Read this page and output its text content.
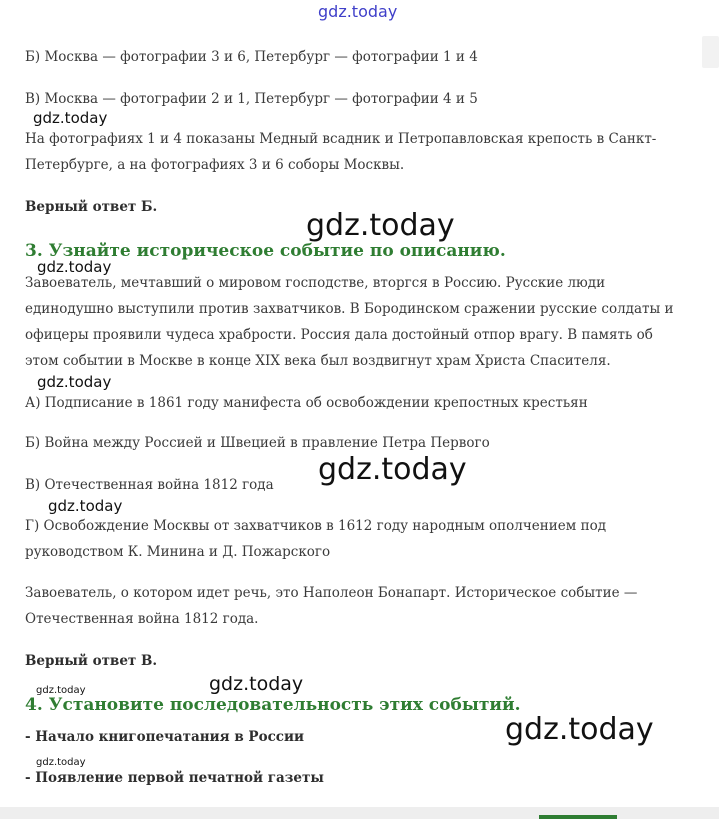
gdz.today

Б) Москва — фотографии 3 и 6, Петербург — фотографии 1 и 4

В) Москва — фотографии 2 и 1, Петербург — фотографии 4 и 5

gdz.today

На фотографиях 1 и 4 показаны Медный всадник и Петропавловская крепость в Санкт-

Петербурге, а на фотографиях 3 и 6 соборы Москвы.

Верный ответ Б.

gdz.today
3. Узнайте историческое событие по описанию.
gdz.today

Завоеватель, мечтавший о мировом господстве, вторгся в Россию. Русские люди

единодушно выступили против захватчиков. В Бородинском сражении русские солдаты и

офицеры проявили чудеса храбрости. Россия дала достойный отпор врагу. В память об

этом событии в Москве в конце XIX века был воздвигнут храм Христа Спасителя.

gdz.today

А) Подписание в 1861 году манифеста об освобождении крепостных крестьян

Б) Война между Россией и Швецией в правление Петра Первого

gdz.today

В) Отечественная война 1812 года

gdz.today

Г) Освобождение Москвы от захватчиков в 1612 году народным ополчением под

руководством К. Минина и Д. Пожарского

Завоеватель, о котором идет речь, это Наполеон Бонапарт. Историческое событие —

Отечественная война 1812 года.

Верный ответ В.

gdz.today	gdz.today
4. Установите последовательность этих событий.
gdz.today

- Начало книгопечатания в России

gdz.today

- Появление первой печатной газеты
